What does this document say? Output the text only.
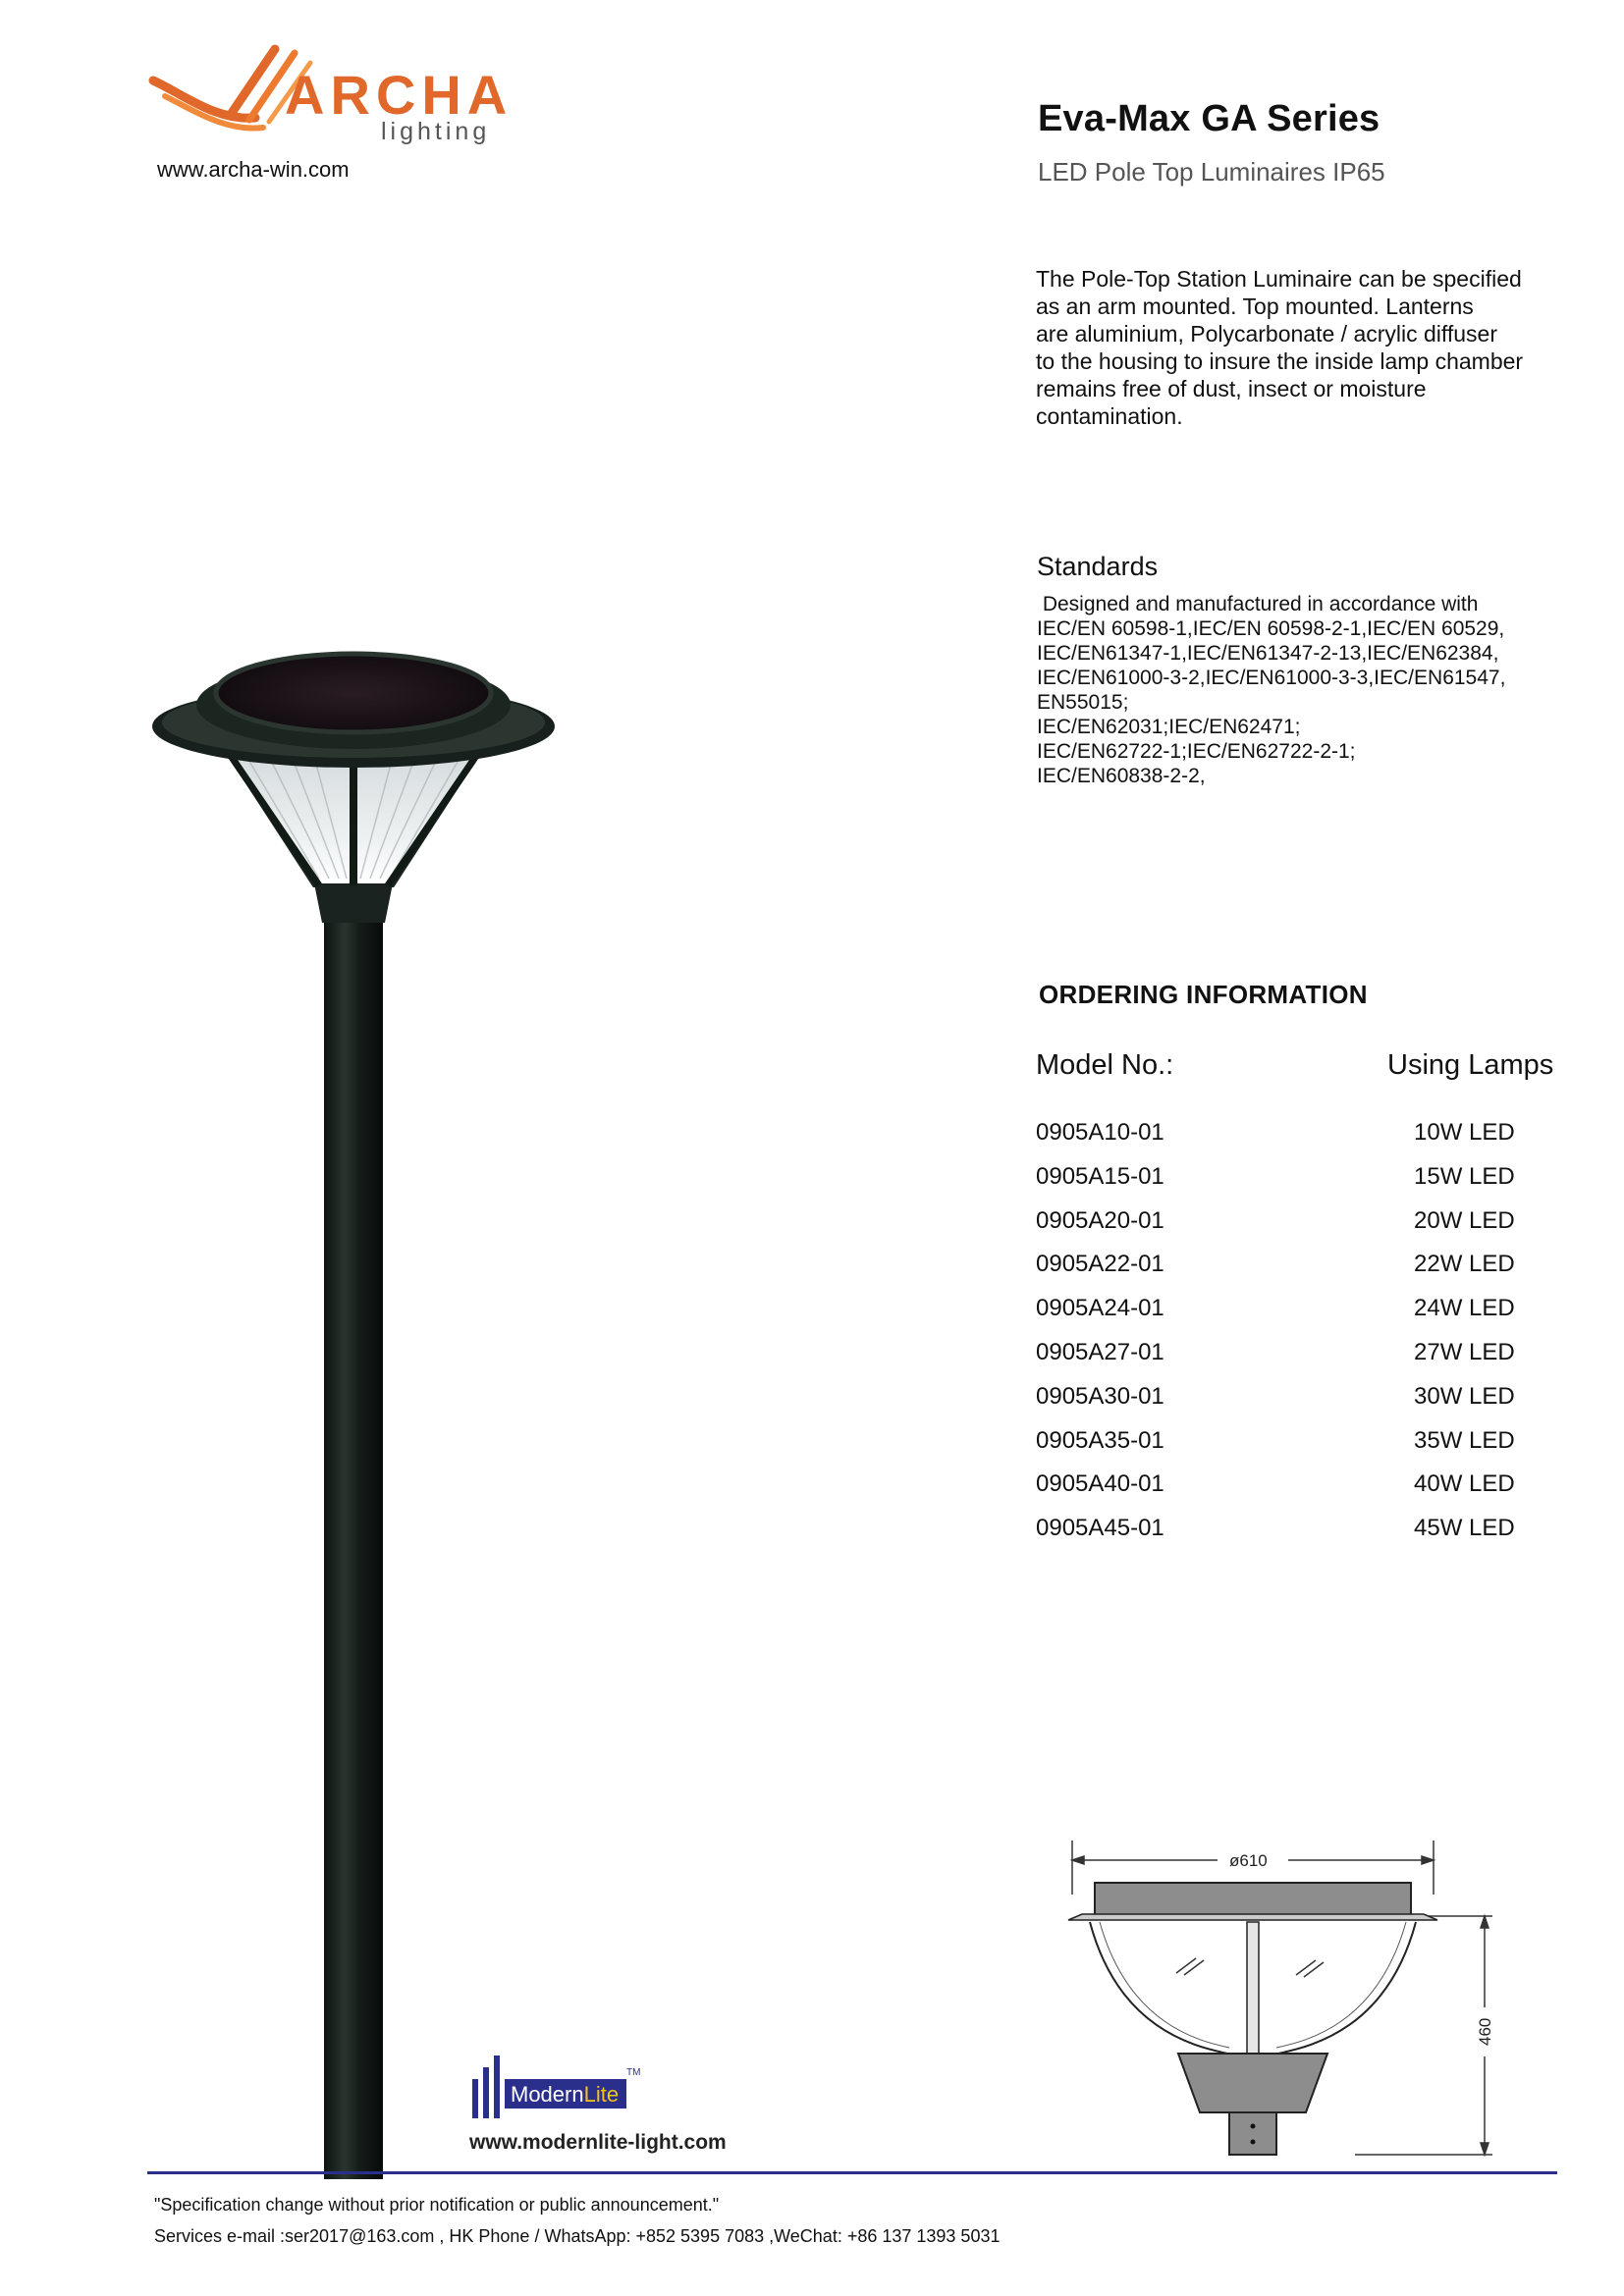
ARCHA
lighting
www.archa-win.com
Eva-Max GA Series
LED Pole Top Luminaires IP65
The Pole-Top Station Luminaire can be specified
as an arm mounted. Top mounted. Lanterns
are aluminium, Polycarbonate / acrylic diffuser
to the housing to insure the inside lamp chamber
remains free of dust, insect or moisture
contamination.
Standards
Designed and manufactured in accordance with
IEC/EN 60598-1,IEC/EN 60598-2-1,IEC/EN 60529,
IEC/EN61347-1,IEC/EN61347-2-13,IEC/EN62384,
IEC/EN61000-3-2,IEC/EN61000-3-3,IEC/EN61547,
EN55015;
IEC/EN62031;IEC/EN62471;
IEC/EN62722-1;IEC/EN62722-2-1;
IEC/EN60838-2-2,
ORDERING INFORMATION
Model No.:	Using Lamps
0905A10-01	10W LED
0905A15-01	15W LED
0905A20-01	20W LED
0905A22-01	22W LED
0905A24-01	24W LED
0905A27-01	27W LED
0905A30-01	30W LED
0905A35-01	35W LED
0905A40-01	40W LED
0905A45-01	45W LED
ø610
460
ModernLite
TM
www.modernlite-light.com
"Specification change without prior notification or public announcement."
Services e-mail :ser2017@163.com , HK Phone / WhatsApp: +852 5395 7083 ,WeChat: +86 137 1393 5031
